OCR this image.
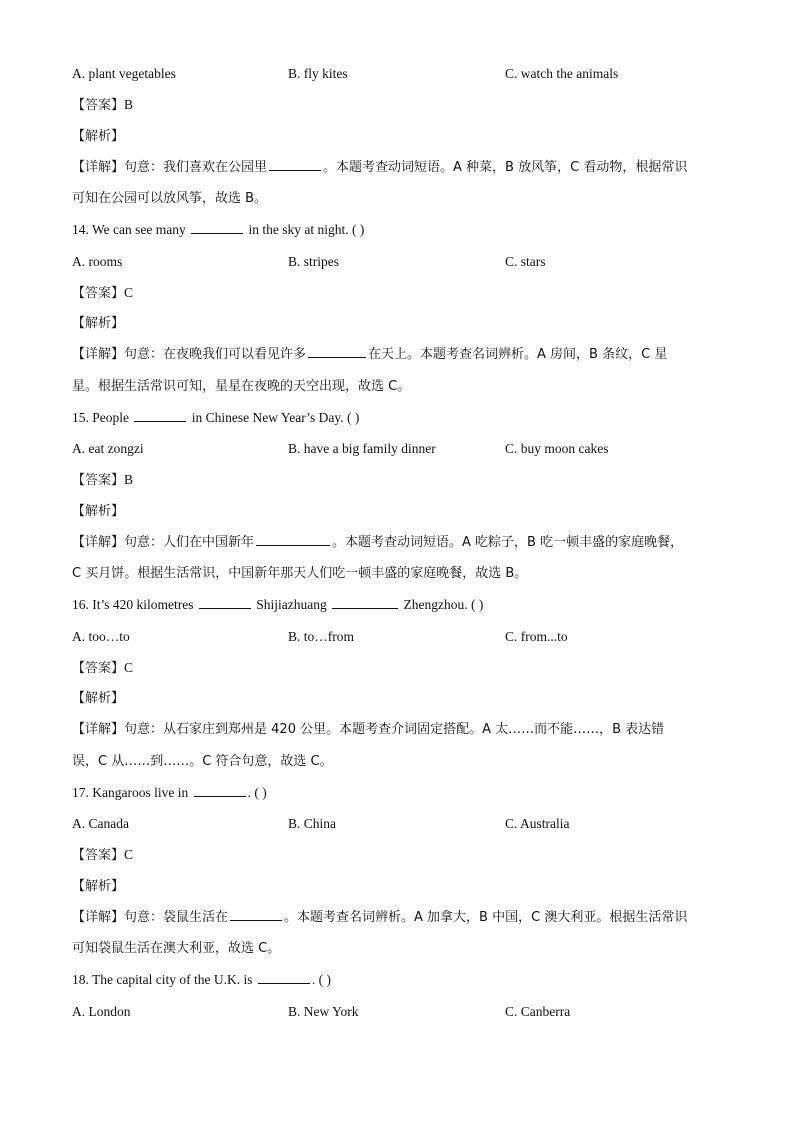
A. plant vegetables	B. fly kites	C. watch the animals
【答案】B
【解析】
【详解】句意：我们喜欢在公园里	。本题考查动词短语。A 种菜，B 放风筝，C 看动物，根据常识
可知在公园可以放风筝，故选 B。
14. We can see many	in the sky at night. ( )
A. rooms	B. stripes	C. stars
【答案】C
【解析】
【详解】句意：在夜晚我们可以看见许多	在天上。本题考查名词辨析。A 房间，B 条纹，C 星
星。根据生活常识可知，星星在夜晚的天空出现，故选 C。
15. People	in Chinese New Year’s Day. ( )
A. eat zongzi	B. have a big family dinner	C. buy moon cakes
【答案】B
【解析】
【详解】句意：人们在中国新年	。本题考查动词短语。A 吃粽子，B 吃一顿丰盛的家庭晚餐，
C 买月饼。根据生活常识，中国新年那天人们吃一顿丰盛的家庭晚餐，故选 B。
16. It’s 420 kilometres	Shijiazhuang	Zhengzhou. ( )
A. too…to	B. to…from	C. from...to
【答案】C
【解析】
【详解】句意：从石家庄到郑州是 420 公里。本题考查介词固定搭配。A 太……而不能……，B 表达错
误，C 从……到……。C 符合句意，故选 C。
17. Kangaroos live in	. ( )
A. Canada	B. China	C. Australia
【答案】C
【解析】
【详解】句意：袋鼠生活在	。本题考查名词辨析。A 加拿大，B 中国，C 澳大利亚。根据生活常识
可知袋鼠生活在澳大利亚，故选 C。
18. The capital city of the U.K. is	. ( )
A. London	B. New York	C. Canberra
